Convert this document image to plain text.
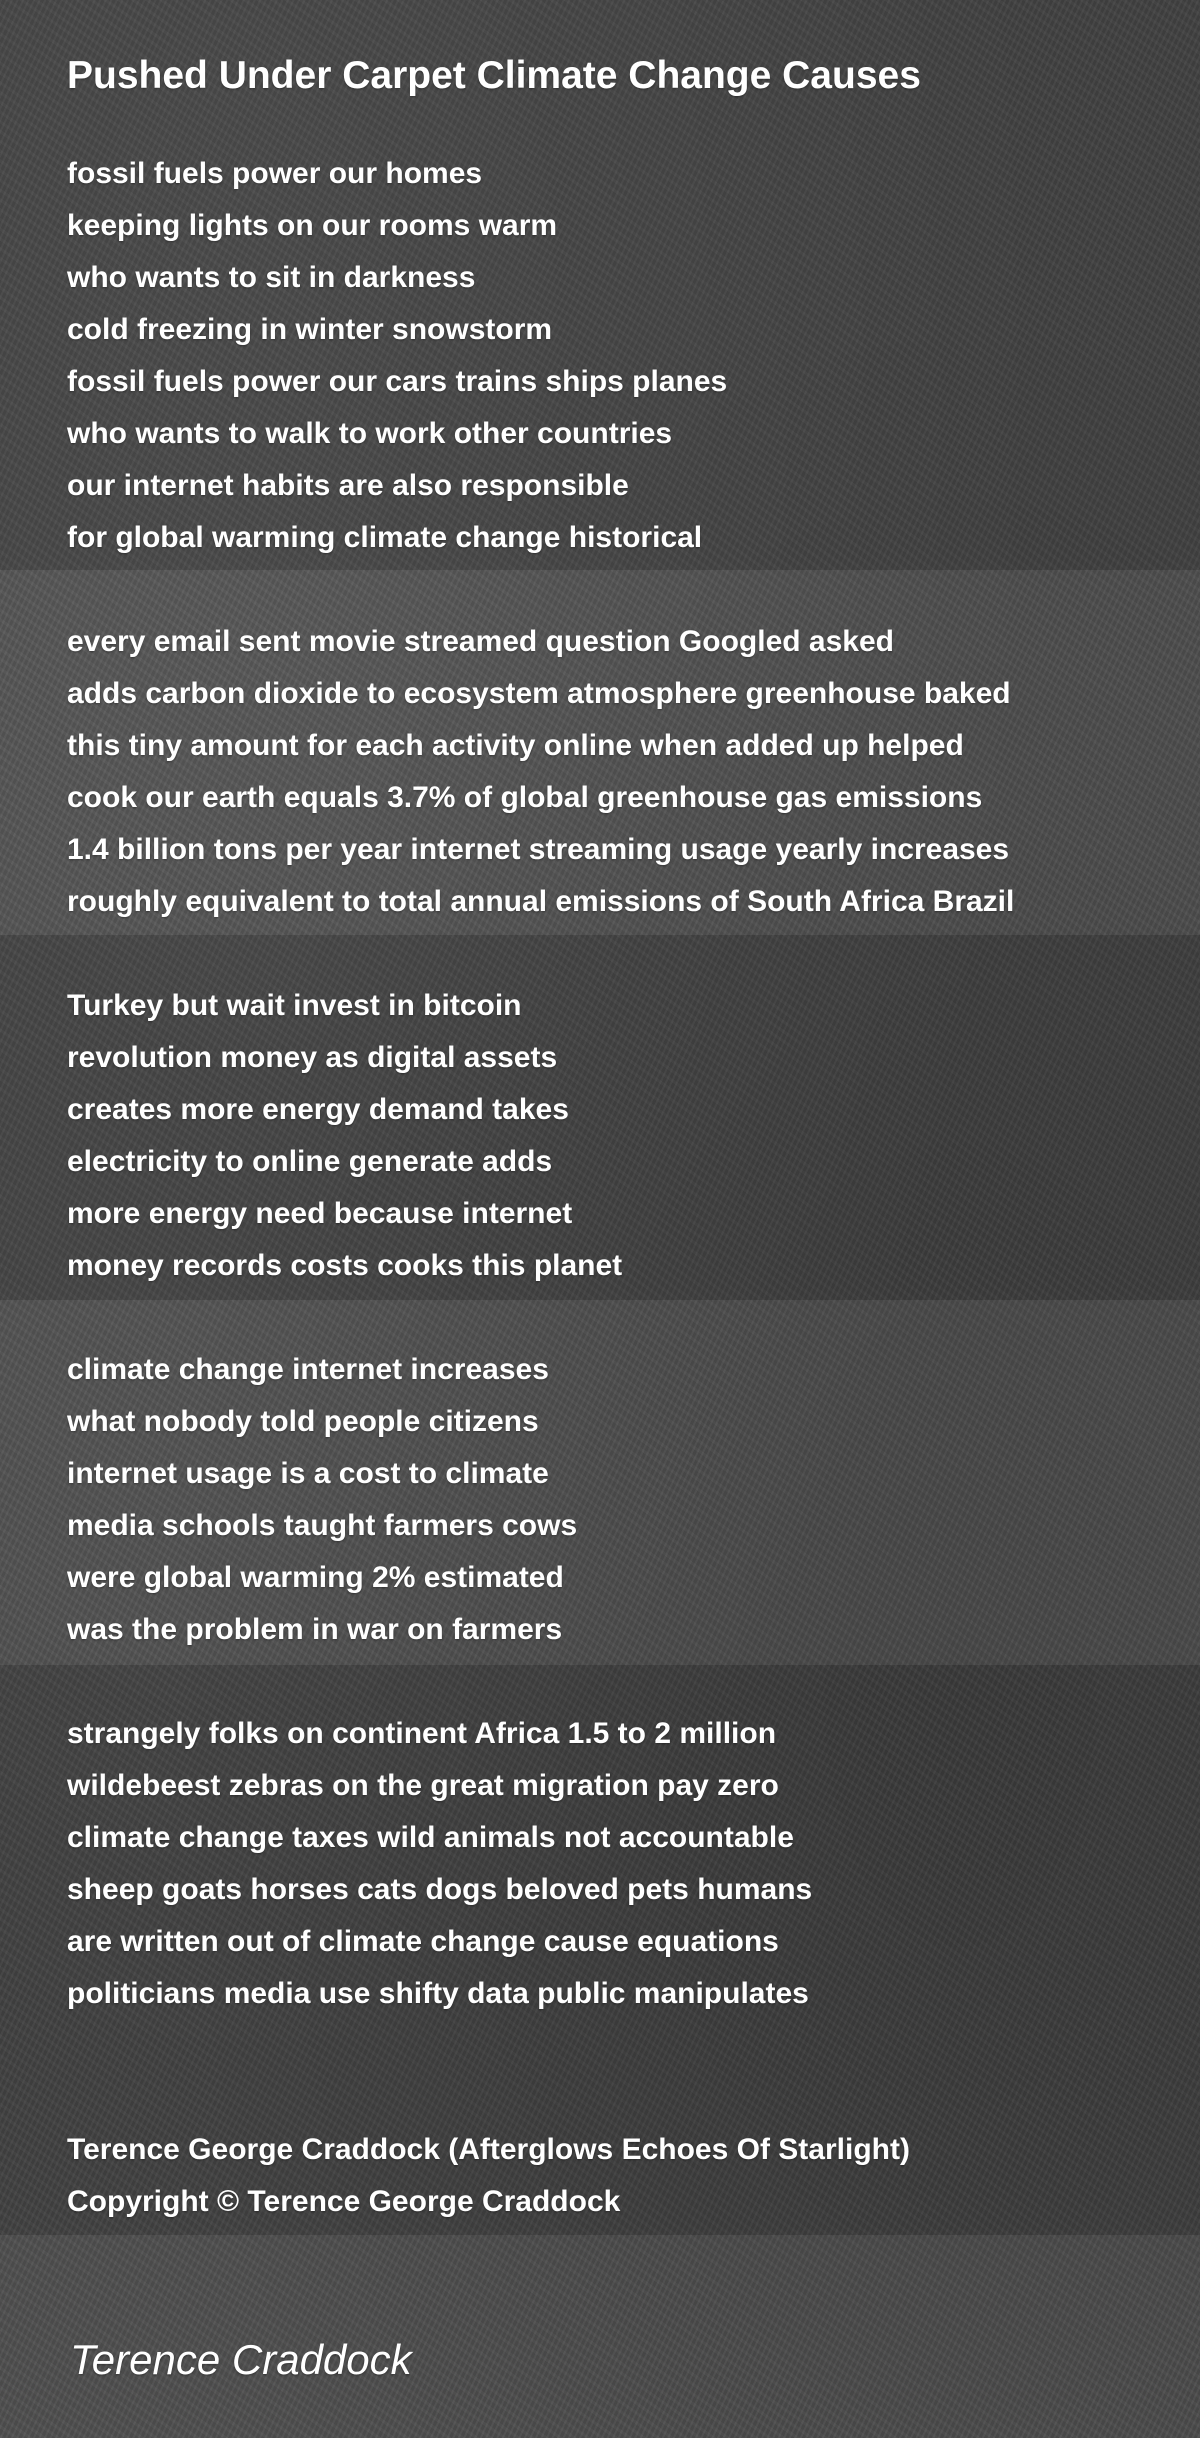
Pushed Under Carpet Climate Change Causes
fossil fuels power our homes
keeping lights on our rooms warm
who wants to sit in darkness
cold freezing in winter snowstorm
fossil fuels power our cars trains ships planes
who wants to walk to work other countries
our internet habits are also responsible
for global warming climate change historical
every email sent movie streamed question Googled asked
adds carbon dioxide to ecosystem atmosphere greenhouse baked
this tiny amount for each activity online when added up helped
cook our earth equals 3.7% of global greenhouse gas emissions
1.4 billion tons per year internet streaming usage yearly increases
roughly equivalent to total annual emissions of South Africa Brazil
Turkey but wait invest in bitcoin
revolution money as digital assets
creates more energy demand takes
electricity to online generate adds
more energy need because internet
money records costs cooks this planet
climate change internet increases
what nobody told people citizens
internet usage is a cost to climate
media schools taught farmers cows
were global warming 2% estimated
was the problem in war on farmers
strangely folks on continent Africa 1.5 to 2 million
wildebeest zebras on the great migration pay zero
climate change taxes wild animals not accountable
sheep goats horses cats dogs beloved pets humans
are written out of climate change cause equations
politicians media use shifty data public manipulates
Terence George Craddock (Afterglows Echoes Of Starlight)
Copyright © Terence George Craddock
Terence Craddock
